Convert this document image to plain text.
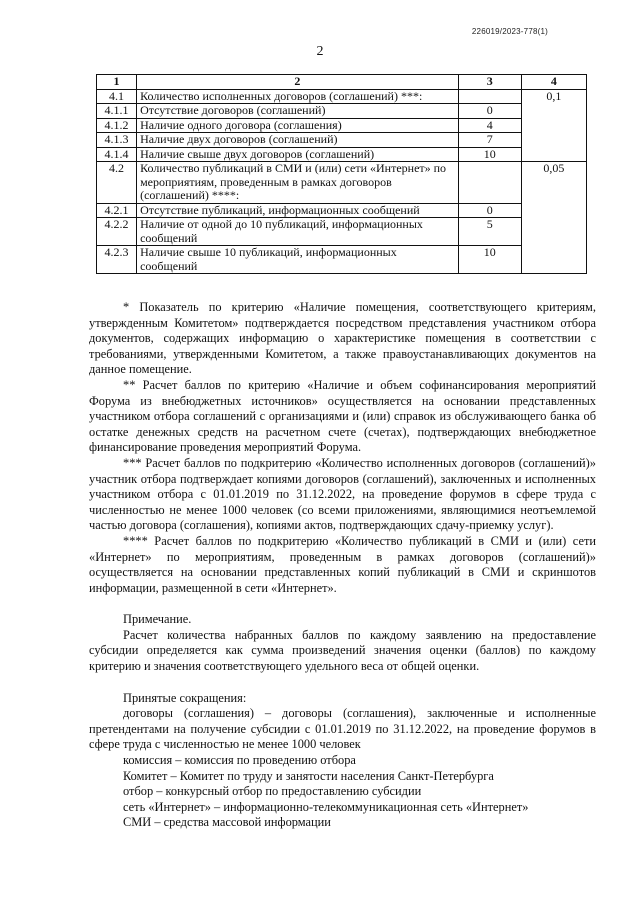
226019/2023-778(1)
2
1	2	3	4
4.1	Количество исполненных договоров (соглашений) ***:		0,1
4.1.1	Отсутствие договоров (соглашений)	0	
4.1.2	Наличие одного договора (соглашения)	4	
4.1.3	Наличие двух договоров (соглашений)	7	
4.1.4	Наличие свыше двух договоров (соглашений)	10	
4.2	Количество публикаций в СМИ и (или) сети «Интернет» по мероприятиям, проведенным в рамках договоров (соглашений) ****:		0,05
4.2.1	Отсутствие публикаций, информационных сообщений	0	
4.2.2	Наличие от одной до 10 публикаций, информационных сообщений	5	
4.2.3	Наличие свыше 10 публикаций, информационных сообщений	10	

* Показатель по критерию «Наличие помещения, соответствующего критериям, утвержденным Комитетом» подтверждается посредством представления участником отбора документов, содержащих информацию о характеристике помещения в соответствии с требованиями, утвержденными Комитетом, а также правоустанавливающих документов на данное помещение.

** Расчет баллов по критерию «Наличие и объем софинансирования мероприятий Форума из внебюджетных источников» осуществляется на основании представленных участником отбора соглашений с организациями и (или) справок из обслуживающего банка об остатке денежных средств на расчетном счете (счетах), подтверждающих внебюджетное финансирование проведения мероприятий Форума.

*** Расчет баллов по подкритерию «Количество исполненных договоров (соглашений)» участник отбора подтверждает копиями договоров (соглашений), заключенных и исполненных участником отбора с 01.01.2019 по 31.12.2022, на проведение форумов в сфере труда с численностью не менее 1000 человек (со всеми приложениями, являющимися неотъемлемой частью договора (соглашения), копиями актов, подтверждающих сдачу-приемку услуг).

**** Расчет баллов по подкритерию «Количество публикаций в СМИ и (или) сети «Интернет» по мероприятиям, проведенным в рамках договоров (соглашений)» осуществляется на основании представленных копий публикаций в СМИ и скриншотов информации, размещенной в сети «Интернет».

Примечание.

Расчет количества набранных баллов по каждому заявлению на предоставление субсидии определяется как сумма произведений значения оценки (баллов) по каждому критерию и значения соответствующего удельного веса от общей оценки.

Принятые сокращения:

договоры (соглашения) – договоры (соглашения), заключенные и исполненные претендентами на получение субсидии с 01.01.2019 по 31.12.2022, на проведение форумов в сфере труда с численностью не менее 1000 человек

комиссия – комиссия по проведению отбора

Комитет – Комитет по труду и занятости населения Санкт-Петербурга

отбор – конкурсный отбор по предоставлению субсидии

сеть «Интернет» – информационно-телекоммуникационная сеть «Интернет»

СМИ – средства массовой информации
